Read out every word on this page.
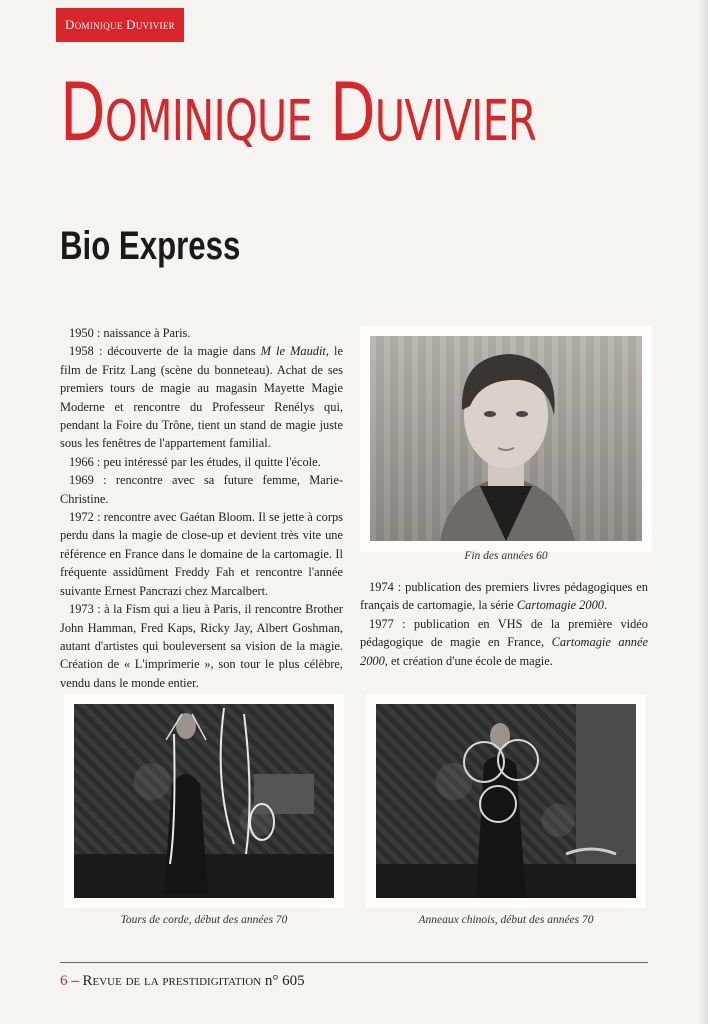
Dominique Duvivier
Dominique Duvivier
Bio Express

1950 : naissance à Paris.

1958 : découverte de la magie dans M le Maudit, le film de Fritz Lang (scène du bonneteau). Achat de ses premiers tours de magie au magasin Mayette Magie Moderne et rencontre du Professeur Renélys qui, pendant la Foire du Trône, tient un stand de magie juste sous les fenêtres de l'appartement familial.

1966 : peu intéressé par les études, il quitte l'école.

1969 : rencontre avec sa future femme, Marie-Christine.

1972 : rencontre avec Gaétan Bloom. Il se jette à corps perdu dans la magie de close-up et devient très vite une référence en France dans le domaine de la cartomagie. Il fréquente assidûment Freddy Fah et rencontre l'année suivante Ernest Pancrazi chez Marcalbert.

1973 : à la Fism qui a lieu à Paris, il rencontre Brother John Hamman, Fred Kaps, Ricky Jay, Albert Goshman, autant d'artistes qui bouleversent sa vision de la magie. Création de « L'imprimerie », son tour le plus célèbre, vendu dans le monde entier.

Fin des années 60

1974 : publication des premiers livres pédagogiques en français de cartomagie, la série Cartomagie 2000.

1977 : publication en VHS de la première vidéo pédagogique de magie en France, Cartomagie année 2000, et création d'une école de magie.

Tours de corde, début des années 70	Anneaux chinois, début des années 70
6 – Revue de la prestidigitation n° 605
